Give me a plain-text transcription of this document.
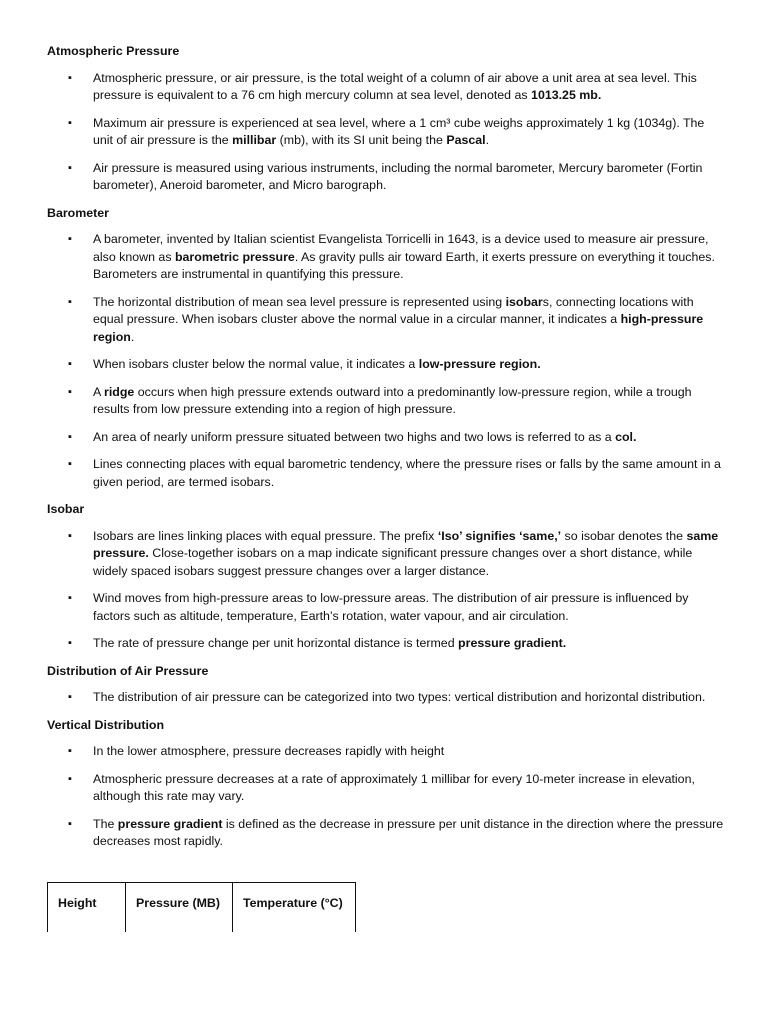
Atmospheric Pressure
▪ Atmospheric pressure, or air pressure, is the total weight of a column of air above a unit area at sea level. This pressure is equivalent to a 76 cm high mercury column at sea level, denoted as 1013.25 mb.
▪ Maximum air pressure is experienced at sea level, where a 1 cm³ cube weighs approximately 1 kg (1034g). The unit of air pressure is the millibar (mb), with its SI unit being the Pascal.
▪ Air pressure is measured using various instruments, including the normal barometer, Mercury barometer (Fortin barometer), Aneroid barometer, and Micro barograph.
Barometer
▪ A barometer, invented by Italian scientist Evangelista Torricelli in 1643, is a device used to measure air pressure, also known as barometric pressure. As gravity pulls air toward Earth, it exerts pressure on everything it touches. Barometers are instrumental in quantifying this pressure.
▪ The horizontal distribution of mean sea level pressure is represented using isobars, connecting locations with equal pressure. When isobars cluster above the normal value in a circular manner, it indicates a high-pressure region.
▪ When isobars cluster below the normal value, it indicates a low-pressure region.
▪ A ridge occurs when high pressure extends outward into a predominantly low-pressure region, while a trough results from low pressure extending into a region of high pressure.
▪ An area of nearly uniform pressure situated between two highs and two lows is referred to as a col.
▪ Lines connecting places with equal barometric tendency, where the pressure rises or falls by the same amount in a given period, are termed isobars.
Isobar
▪ Isobars are lines linking places with equal pressure. The prefix ‘Iso’ signifies ‘same,’ so isobar denotes the same pressure. Close-together isobars on a map indicate significant pressure changes over a short distance, while widely spaced isobars suggest pressure changes over a larger distance.
▪ Wind moves from high-pressure areas to low-pressure areas. The distribution of air pressure is influenced by factors such as altitude, temperature, Earth’s rotation, water vapour, and air circulation.
▪ The rate of pressure change per unit horizontal distance is termed pressure gradient.
Distribution of Air Pressure
▪ The distribution of air pressure can be categorized into two types: vertical distribution and horizontal distribution.
Vertical Distribution
▪ In the lower atmosphere, pressure decreases rapidly with height
▪ Atmospheric pressure decreases at a rate of approximately 1 millibar for every 10-meter increase in elevation, although this rate may vary.
▪ The pressure gradient is defined as the decrease in pressure per unit distance in the direction where the pressure decreases most rapidly.
Height	Pressure (MB)	Temperature (°C)
